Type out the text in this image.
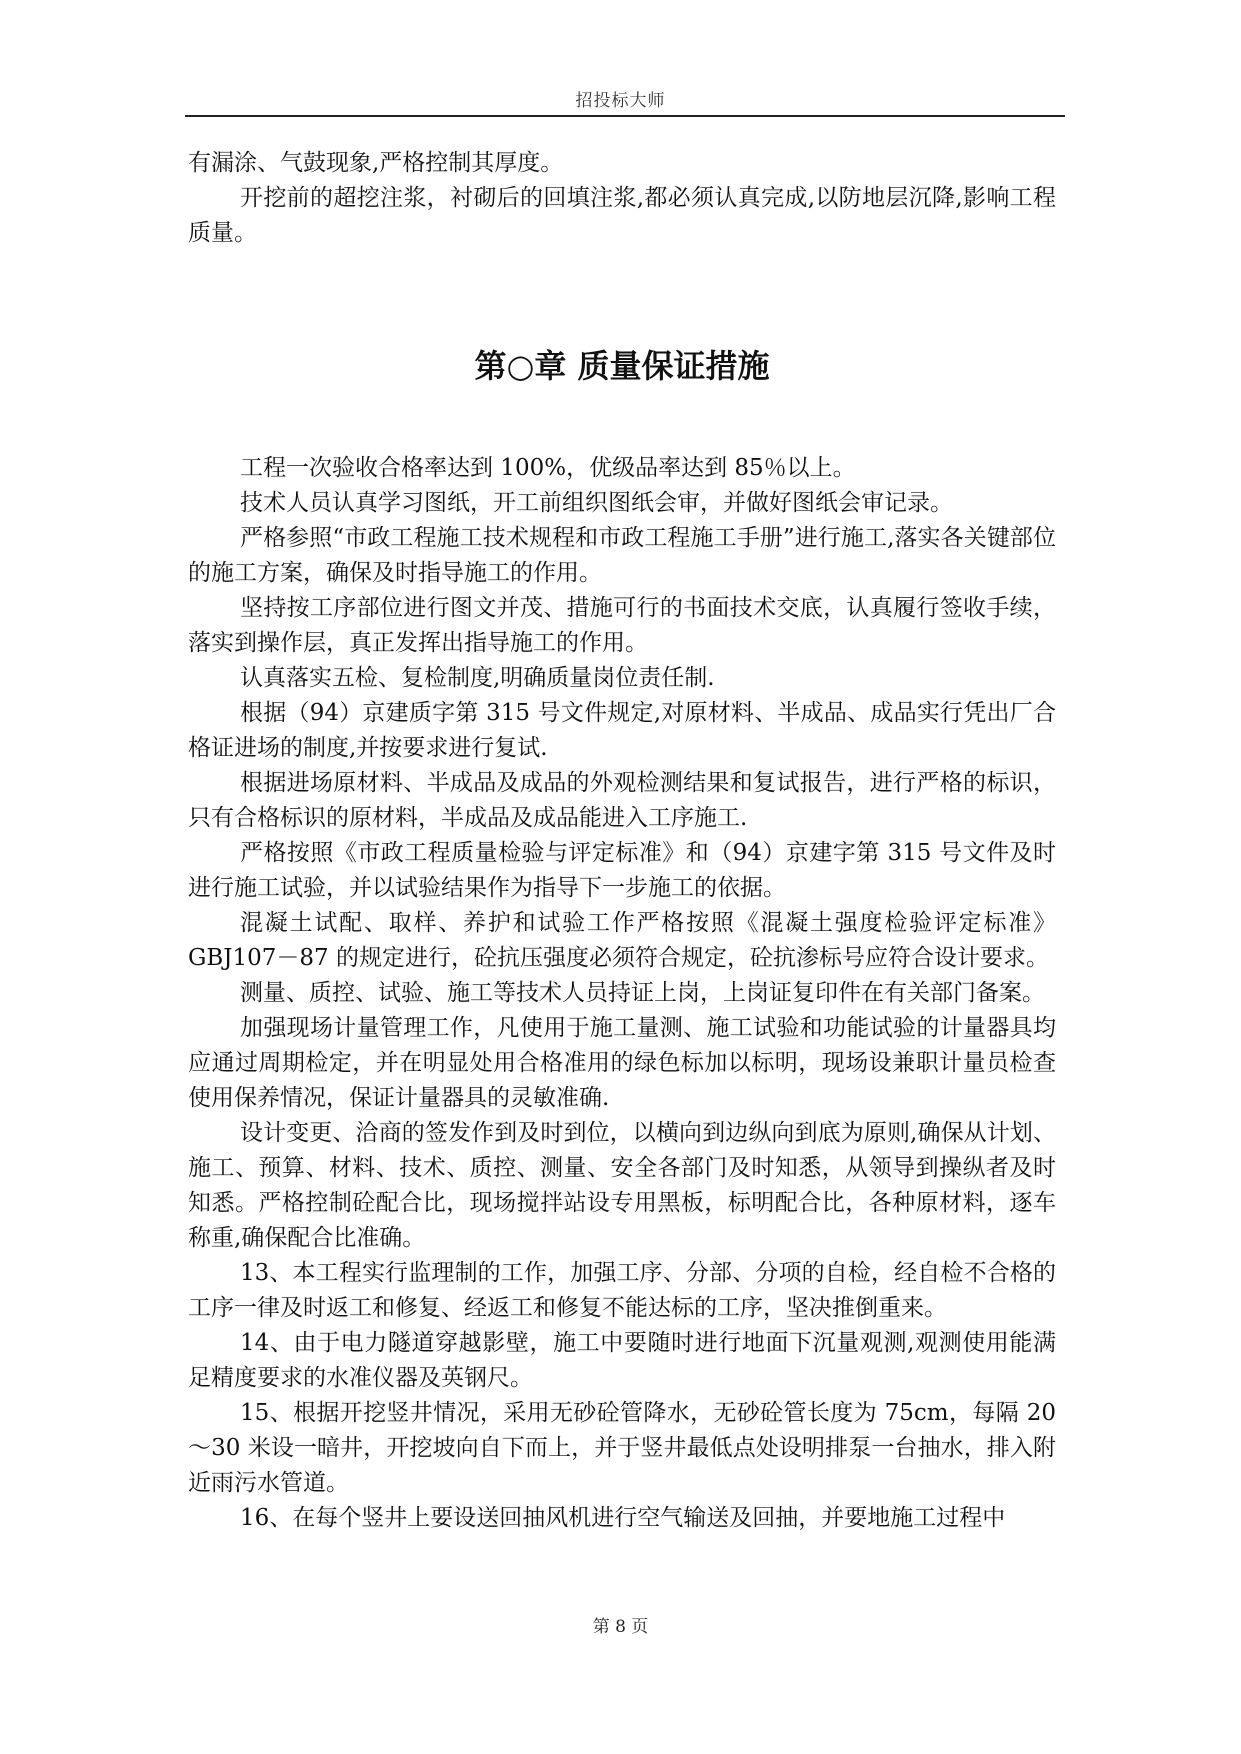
招投标大师

有漏涂、气鼓现象,严格控制其厚度。

开挖前的超挖注浆，衬砌后的回填注浆,都必须认真完成,以防地层沉降,影响工程质量。

第○章 质量保证措施

工程一次验收合格率达到 100%，优级品率达到 85％以上。

技术人员认真学习图纸，开工前组织图纸会审，并做好图纸会审记录。

严格参照“市政工程施工技术规程和市政工程施工手册”进行施工,落实各关键部位的施工方案，确保及时指导施工的作用。

坚持按工序部位进行图文并茂、措施可行的书面技术交底，认真履行签收手续，落实到操作层，真正发挥出指导施工的作用。

认真落实五检、复检制度,明确质量岗位责任制.

根据（94）京建质字第 315 号文件规定,对原材料、半成品、成品实行凭出厂合格证进场的制度,并按要求进行复试.

根据进场原材料、半成品及成品的外观检测结果和复试报告，进行严格的标识，只有合格标识的原材料，半成品及成品能进入工序施工.

严格按照《市政工程质量检验与评定标准》和（94）京建字第 315 号文件及时进行施工试验，并以试验结果作为指导下一步施工的依据。

混凝土试配、取样、养护和试验工作严格按照《混凝土强度检验评定标准》GBJ107－87 的规定进行，砼抗压强度必须符合规定，砼抗渗标号应符合设计要求。

测量、质控、试验、施工等技术人员持证上岗，上岗证复印件在有关部门备案。

加强现场计量管理工作，凡使用于施工量测、施工试验和功能试验的计量器具均应通过周期检定，并在明显处用合格准用的绿色标加以标明，现场设兼职计量员检查使用保养情况，保证计量器具的灵敏准确.

设计变更、洽商的签发作到及时到位，以横向到边纵向到底为原则,确保从计划、施工、预算、材料、技术、质控、测量、安全各部门及时知悉，从领导到操纵者及时知悉。严格控制砼配合比，现场搅拌站设专用黑板，标明配合比，各种原材料，逐车称重,确保配合比准确。

13、本工程实行监理制的工作，加强工序、分部、分项的自检，经自检不合格的工序一律及时返工和修复、经返工和修复不能达标的工序，坚决推倒重来。

14、由于电力隧道穿越影壁，施工中要随时进行地面下沉量观测,观测使用能满足精度要求的水准仪器及英钢尺。

15、根据开挖竖井情况，采用无砂砼管降水，无砂砼管长度为 75cm，每隔 20～30 米设一暗井，开挖坡向自下而上，并于竖井最低点处设明排泵一台抽水，排入附近雨污水管道。

16、在每个竖井上要设送回抽风机进行空气输送及回抽，并要地施工过程中

第 8 页
